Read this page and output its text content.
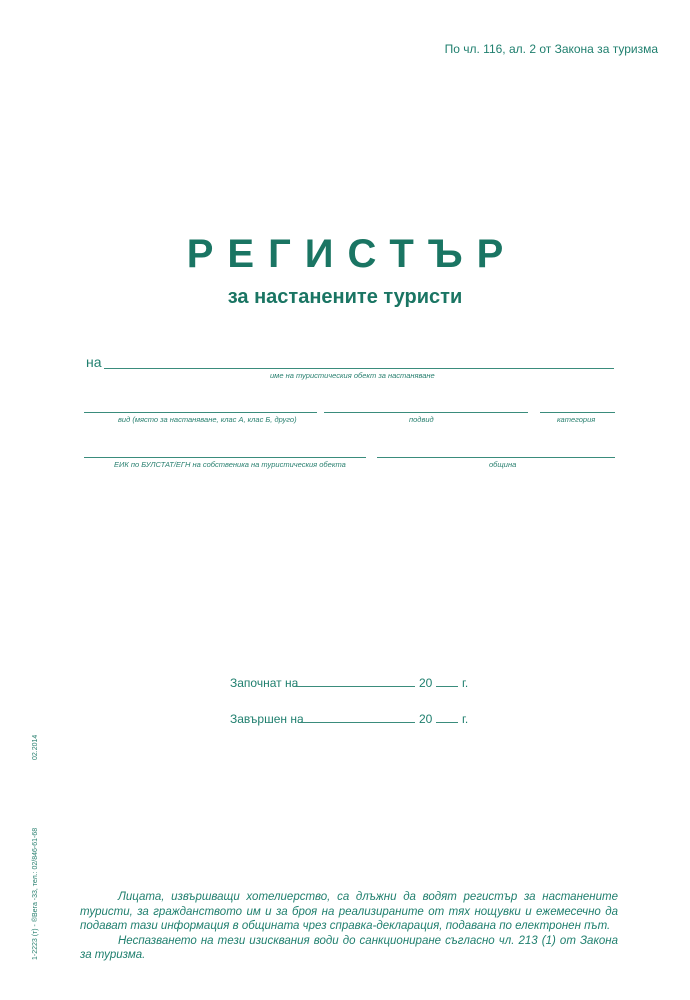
По чл. 116, ал. 2 от Закона за туризма
РЕГИСТЪР
за настанените туристи
на
име на туристическия обект за настаняване
вид (място за настаняване, клас А, клас Б, друго)	подвид	категория
ЕИК по БУЛСТАТ/ЕГН на собственика на туристическия обекта	община
Започнат на	20 г.
Завършен на	20 г.
02.2014
1-2223 (т) - ®Вега -33, тел.: 02/846-61-68	Лицата, извършващи хотелиерство, са длъжни да водят регистър за настанените туристи, за гражданството им и за броя на реализираните от тях нощувки и ежемесечно да подават тази информация в общината чрез справка-декларация, подавана по електронен път.

Неспазването на тези изисквания води до санкциониране съгласно чл. 213 (1) от Закона за туризма.
